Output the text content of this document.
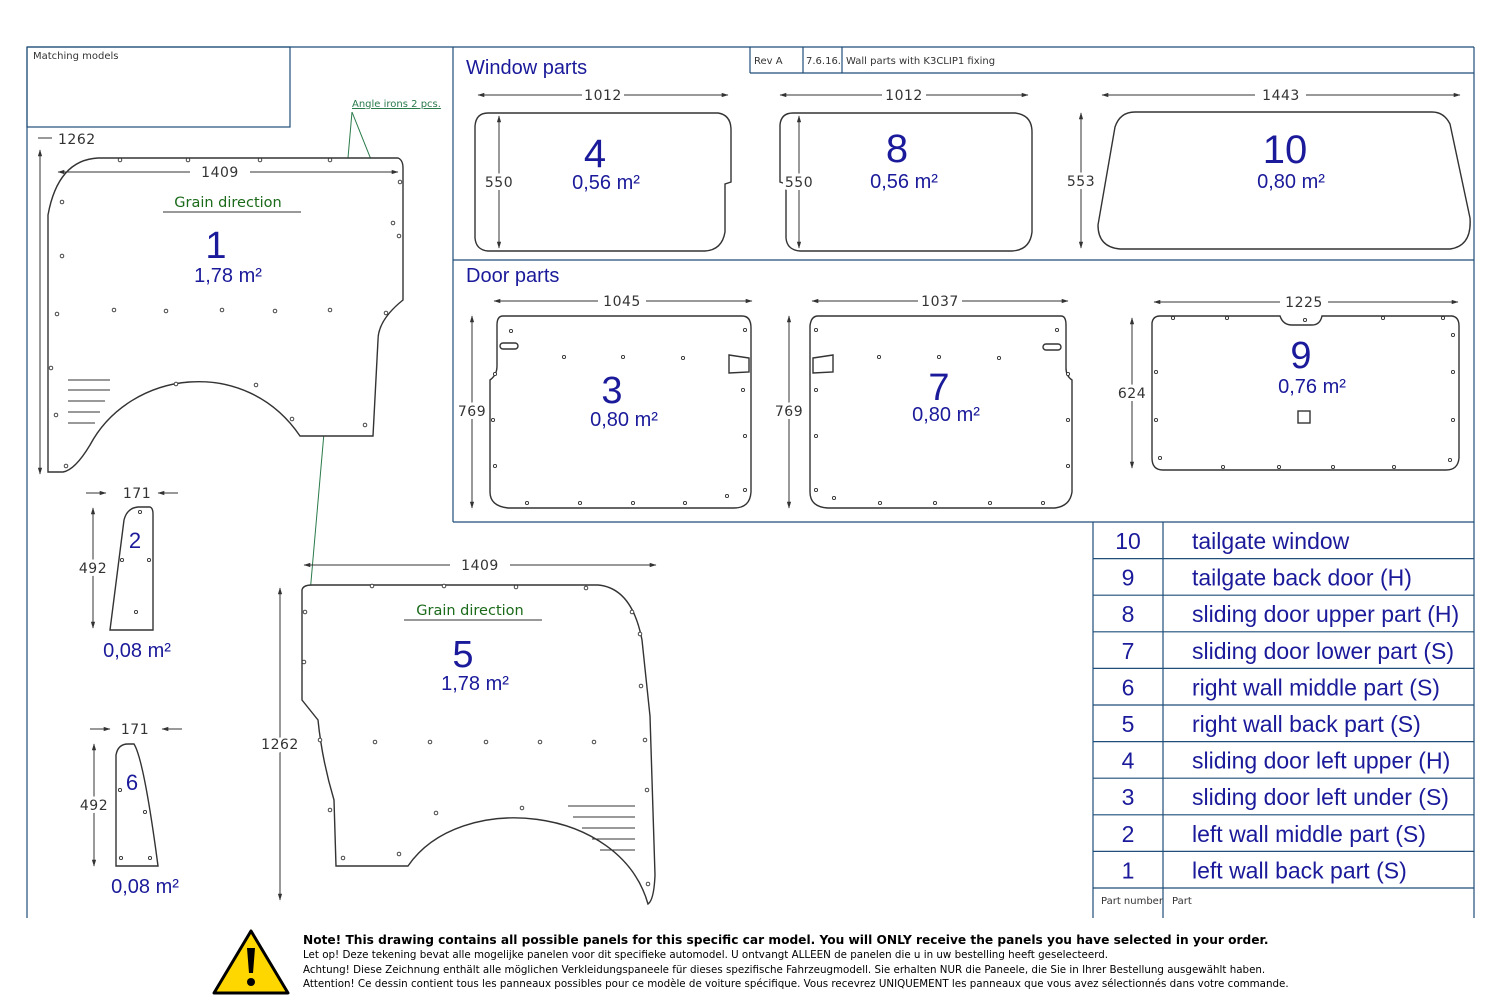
Matching models	Rev A 7.6.16. Wall parts with K3CLIP1 fixing
Angle irons 2 pcs.
Window parts
Door parts
Grain direction
1
1,78 m²
1409
1262
2
0,08 m²
171
492
6
0,08 m²
171
492
Grain direction
5
1,78 m²
1409
1262
4
0,56 m²
1012
550
8
0,56 m²
1012
550
10
0,80 m²
1443
553
3
0,80 m²
1045
769
7
0,80 m²
1037
769
9
0,76 m²
1225
624
10 tailgate window
9	tailgate back door (H)
8	sliding door upper part (H)
7	sliding door lower part (S)
6	right wall middle part (S)
5	right wall back part (S)
4	sliding door left upper (H)
3	sliding door left under (S)
2	left wall middle part (S)
1	left wall back part (S)
Part number Part
Note! This drawing contains all possible panels for this specific car model. You will ONLY receive the panels you have selected in your order.
Let op! Deze tekening bevat alle mogelijke panelen voor dit specifieke automodel. U ontvangt ALLEEN de panelen die u in uw bestelling heeft geselecteerd.
Achtung! Diese Zeichnung enthält alle möglichen Verkleidungspaneele für dieses spezifische Fahrzeugmodell. Sie erhalten NUR die Paneele, die Sie in Ihrer Bestellung ausgewählt haben.
Attention! Ce dessin contient tous les panneaux possibles pour ce modèle de voiture spécifique. Vous recevrez UNIQUEMENT les panneaux que vous avez sélectionnés dans votre commande.
